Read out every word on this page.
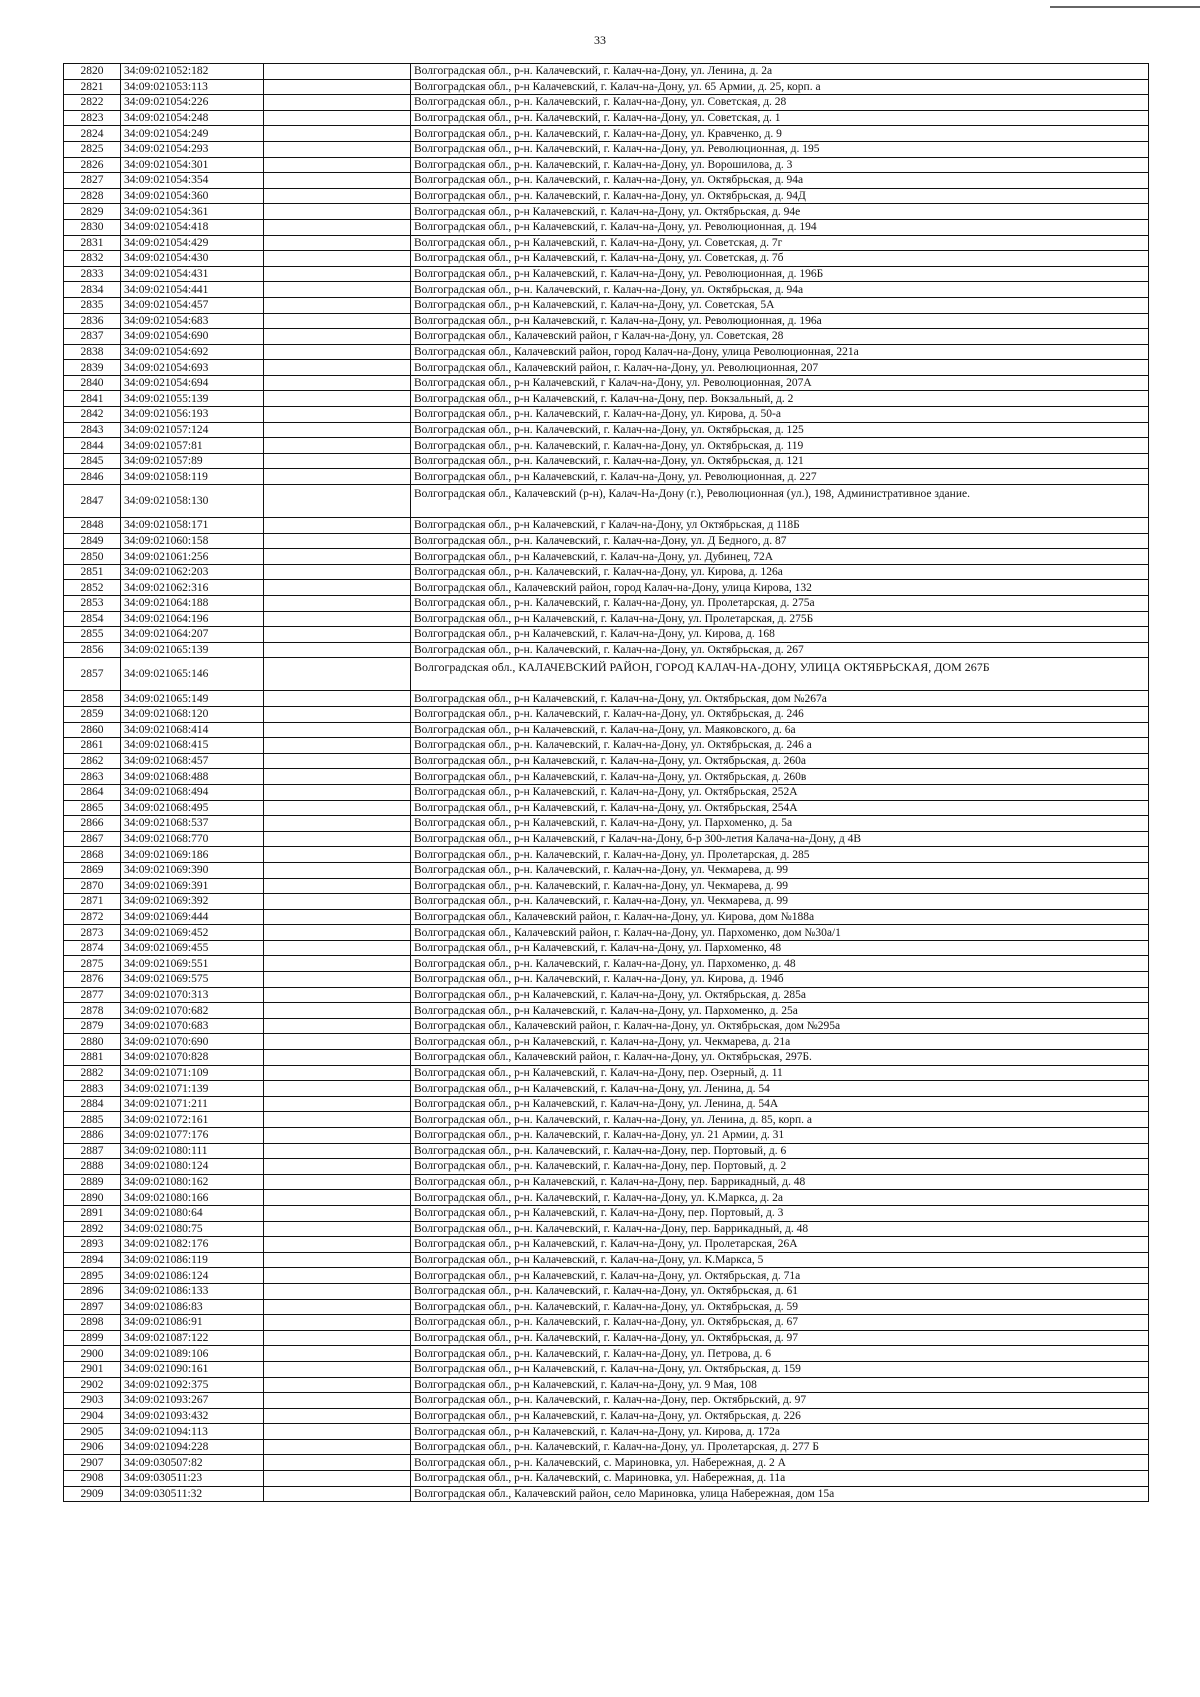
33
2820	34:09:021052:182		Волгоградская обл., р-н. Калачевский, г. Калач-на-Дону, ул. Ленина, д. 2а
2821	34:09:021053:113		Волгоградская обл., р-н Калачевский, г. Калач-на-Дону, ул. 65 Армии, д. 25, корп. а
2822	34:09:021054:226		Волгоградская обл., р-н. Калачевский, г. Калач-на-Дону, ул. Советская, д. 28
2823	34:09:021054:248		Волгоградская обл., р-н. Калачевский, г. Калач-на-Дону, ул. Советская, д. 1
2824	34:09:021054:249		Волгоградская обл., р-н. Калачевский, г. Калач-на-Дону, ул. Кравченко, д. 9
2825	34:09:021054:293		Волгоградская обл., р-н. Калачевский, г. Калач-на-Дону, ул. Революционная, д. 195
2826	34:09:021054:301		Волгоградская обл., р-н. Калачевский, г. Калач-на-Дону, ул. Ворошилова, д. 3
2827	34:09:021054:354		Волгоградская обл., р-н. Калачевский, г. Калач-на-Дону, ул. Октябрьская, д. 94а
2828	34:09:021054:360		Волгоградская обл., р-н. Калачевский, г. Калач-на-Дону, ул. Октябрьская, д. 94Д
2829	34:09:021054:361		Волгоградская обл., р-н Калачевский, г. Калач-на-Дону, ул. Октябрьская, д. 94е
2830	34:09:021054:418		Волгоградская обл., р-н Калачевский, г. Калач-на-Дону, ул. Революционная, д. 194
2831	34:09:021054:429		Волгоградская обл., р-н Калачевский, г. Калач-на-Дону, ул. Советская, д. 7г
2832	34:09:021054:430		Волгоградская обл., р-н Калачевский, г. Калач-на-Дону, ул. Советская, д. 7б
2833	34:09:021054:431		Волгоградская обл., р-н Калачевский, г. Калач-на-Дону, ул. Революционная, д. 196Б
2834	34:09:021054:441		Волгоградская обл., р-н. Калачевский, г. Калач-на-Дону, ул. Октябрьская, д. 94а
2835	34:09:021054:457		Волгоградская обл., р-н Калачевский, г. Калач-на-Дону, ул. Советская, 5А
2836	34:09:021054:683		Волгоградская обл., р-н Калачевский, г. Калач-на-Дону, ул. Революционная, д. 196а
2837	34:09:021054:690		Волгоградская обл., Калачевский район, г Калач-на-Дону, ул. Советская, 28
2838	34:09:021054:692		Волгоградская обл., Калачевский район, город Калач-на-Дону, улица Революционная, 221а
2839	34:09:021054:693		Волгоградская обл., Калачевский район, г. Калач-на-Дону, ул. Революционная, 207
2840	34:09:021054:694		Волгоградская обл., р-н Калачевский, г Калач-на-Дону, ул. Революционная, 207А
2841	34:09:021055:139		Волгоградская обл., р-н Калачевский, г. Калач-на-Дону, пер. Вокзальный, д. 2
2842	34:09:021056:193		Волгоградская обл., р-н. Калачевский, г. Калач-на-Дону, ул. Кирова, д. 50-а
2843	34:09:021057:124		Волгоградская обл., р-н. Калачевский, г. Калач-на-Дону, ул. Октябрьская, д. 125
2844	34:09:021057:81		Волгоградская обл., р-н. Калачевский, г. Калач-на-Дону, ул. Октябрьская, д. 119
2845	34:09:021057:89		Волгоградская обл., р-н. Калачевский, г. Калач-на-Дону, ул. Октябрьская, д. 121
2846	34:09:021058:119		Волгоградская обл., р-н Калачевский, г. Калач-на-Дону, ул. Революционная, д. 227
2847	34:09:021058:130		Волгоградская обл., Калачевский (р-н), Калач-На-Дону (г.), Революционная (ул.), 198, Административное здание.
2848	34:09:021058:171		Волгоградская обл., р-н Калачевский, г Калач-на-Дону, ул Октябрьская, д 118Б
2849	34:09:021060:158		Волгоградская обл., р-н. Калачевский, г. Калач-на-Дону, ул. Д Бедного, д. 87
2850	34:09:021061:256		Волгоградская обл., р-н Калачевский, г. Калач-на-Дону, ул. Дубинец, 72А
2851	34:09:021062:203		Волгоградская обл., р-н. Калачевский, г. Калач-на-Дону, ул. Кирова, д. 126а
2852	34:09:021062:316		Волгоградская обл., Калачевский район, город Калач-на-Дону, улица Кирова, 132
2853	34:09:021064:188		Волгоградская обл., р-н. Калачевский, г. Калач-на-Дону, ул. Пролетарская, д. 275а
2854	34:09:021064:196		Волгоградская обл., р-н Калачевский, г. Калач-на-Дону, ул. Пролетарская, д. 275Б
2855	34:09:021064:207		Волгоградская обл., р-н Калачевский, г. Калач-на-Дону, ул. Кирова, д. 168
2856	34:09:021065:139		Волгоградская обл., р-н. Калачевский, г. Калач-на-Дону, ул. Октябрьская, д. 267
2857	34:09:021065:146		Волгоградская обл., КАЛАЧЕВСКИЙ РАЙОН, ГОРОД КАЛАЧ-НА-ДОНУ, УЛИЦА ОКТЯБРЬСКАЯ, ДОМ 267Б
2858	34:09:021065:149		Волгоградская обл., р-н Калачевский, г. Калач-на-Дону, ул. Октябрьская, дом №267а
2859	34:09:021068:120		Волгоградская обл., р-н. Калачевский, г. Калач-на-Дону, ул. Октябрьская, д. 246
2860	34:09:021068:414		Волгоградская обл., р-н Калачевский, г. Калач-на-Дону, ул. Маяковского, д. 6а
2861	34:09:021068:415		Волгоградская обл., р-н. Калачевский, г. Калач-на-Дону, ул. Октябрьская, д. 246 а
2862	34:09:021068:457		Волгоградская обл., р-н Калачевский, г. Калач-на-Дону, ул. Октябрьская, д. 260а
2863	34:09:021068:488		Волгоградская обл., р-н Калачевский, г. Калач-на-Дону, ул. Октябрьская, д. 260в
2864	34:09:021068:494		Волгоградская обл., р-н Калачевский, г. Калач-на-Дону, ул. Октябрьская, 252А
2865	34:09:021068:495		Волгоградская обл., р-н Калачевский, г. Калач-на-Дону, ул. Октябрьская, 254А
2866	34:09:021068:537		Волгоградская обл., р-н Калачевский, г. Калач-на-Дону, ул. Пархоменко, д. 5а
2867	34:09:021068:770		Волгоградская обл., р-н Калачевский, г Калач-на-Дону, б-р 300-летия Калача-на-Дону, д 4В
2868	34:09:021069:186		Волгоградская обл., р-н. Калачевский, г. Калач-на-Дону, ул. Пролетарская, д. 285
2869	34:09:021069:390		Волгоградская обл., р-н. Калачевский, г. Калач-на-Дону, ул. Чекмарева, д. 99
2870	34:09:021069:391		Волгоградская обл., р-н. Калачевский, г. Калач-на-Дону, ул. Чекмарева, д. 99
2871	34:09:021069:392		Волгоградская обл., р-н. Калачевский, г. Калач-на-Дону, ул. Чекмарева, д. 99
2872	34:09:021069:444		Волгоградская обл., Калачевский район, г. Калач-на-Дону, ул. Кирова, дом №188а
2873	34:09:021069:452		Волгоградская обл., Калачевский район, г. Калач-на-Дону, ул. Пархоменко, дом №30а/1
2874	34:09:021069:455		Волгоградская обл., р-н Калачевский, г. Калач-на-Дону, ул. Пархоменко, 48
2875	34:09:021069:551		Волгоградская обл., р-н. Калачевский, г. Калач-на-Дону, ул. Пархоменко, д. 48
2876	34:09:021069:575		Волгоградская обл., р-н. Калачевский, г. Калач-на-Дону, ул. Кирова, д. 194б
2877	34:09:021070:313		Волгоградская обл., р-н Калачевский, г. Калач-на-Дону, ул. Октябрьская, д. 285а
2878	34:09:021070:682		Волгоградская обл., р-н Калачевский, г. Калач-на-Дону, ул. Пархоменко, д. 25а
2879	34:09:021070:683		Волгоградская обл., Калачевский район, г. Калач-на-Дону, ул. Октябрьская, дом №295а
2880	34:09:021070:690		Волгоградская обл., р-н Калачевский, г. Калач-на-Дону, ул. Чекмарева, д. 21а
2881	34:09:021070:828		Волгоградская обл., Калачевский район, г. Калач-на-Дону, ул. Октябрьская, 297Б.
2882	34:09:021071:109		Волгоградская обл., р-н Калачевский, г. Калач-на-Дону, пер. Озерный, д. 11
2883	34:09:021071:139		Волгоградская обл., р-н Калачевский, г. Калач-на-Дону, ул. Ленина, д. 54
2884	34:09:021071:211		Волгоградская обл., р-н Калачевский, г. Калач-на-Дону, ул. Ленина, д. 54А
2885	34:09:021072:161		Волгоградская обл., р-н. Калачевский, г. Калач-на-Дону, ул. Ленина, д. 85, корп. а
2886	34:09:021077:176		Волгоградская обл., р-н. Калачевский, г. Калач-на-Дону, ул. 21 Армии, д. 31
2887	34:09:021080:111		Волгоградская обл., р-н. Калачевский, г. Калач-на-Дону, пер. Портовый, д. 6
2888	34:09:021080:124		Волгоградская обл., р-н. Калачевский, г. Калач-на-Дону, пер. Портовый, д. 2
2889	34:09:021080:162		Волгоградская обл., р-н Калачевский, г. Калач-на-Дону, пер. Баррикадный, д. 48
2890	34:09:021080:166		Волгоградская обл., р-н. Калачевский, г. Калач-на-Дону, ул. К.Маркса, д. 2а
2891	34:09:021080:64		Волгоградская обл., р-н Калачевский, г. Калач-на-Дону, пер. Портовый, д. 3
2892	34:09:021080:75		Волгоградская обл., р-н. Калачевский, г. Калач-на-Дону, пер. Баррикадный, д. 48
2893	34:09:021082:176		Волгоградская обл., р-н Калачевский, г. Калач-на-Дону, ул. Пролетарская, 26А
2894	34:09:021086:119		Волгоградская обл., р-н Калачевский, г. Калач-на-Дону, ул. К.Маркса, 5
2895	34:09:021086:124		Волгоградская обл., р-н Калачевский, г. Калач-на-Дону, ул. Октябрьская, д. 71а
2896	34:09:021086:133		Волгоградская обл., р-н. Калачевский, г. Калач-на-Дону, ул. Октябрьская, д. 61
2897	34:09:021086:83		Волгоградская обл., р-н. Калачевский, г. Калач-на-Дону, ул. Октябрьская, д. 59
2898	34:09:021086:91		Волгоградская обл., р-н. Калачевский, г. Калач-на-Дону, ул. Октябрьская, д. 67
2899	34:09:021087:122		Волгоградская обл., р-н. Калачевский, г. Калач-на-Дону, ул. Октябрьская, д. 97
2900	34:09:021089:106		Волгоградская обл., р-н. Калачевский, г. Калач-на-Дону, ул. Петрова, д. 6
2901	34:09:021090:161		Волгоградская обл., р-н Калачевский, г. Калач-на-Дону, ул. Октябрьская, д. 159
2902	34:09:021092:375		Волгоградская обл., р-н Калачевский, г. Калач-на-Дону, ул. 9 Мая, 108
2903	34:09:021093:267		Волгоградская обл., р-н. Калачевский, г. Калач-на-Дону, пер. Октябрьский, д. 97
2904	34:09:021093:432		Волгоградская обл., р-н Калачевский, г. Калач-на-Дону, ул. Октябрьская, д. 226
2905	34:09:021094:113		Волгоградская обл., р-н Калачевский, г. Калач-на-Дону, ул. Кирова, д. 172а
2906	34:09:021094:228		Волгоградская обл., р-н. Калачевский, г. Калач-на-Дону, ул. Пролетарская, д. 277 Б
2907	34:09:030507:82		Волгоградская обл., р-н. Калачевский, с. Мариновка, ул. Набережная, д. 2 А
2908	34:09:030511:23		Волгоградская обл., р-н. Калачевский, с. Мариновка, ул. Набережная, д. 11а
2909	34:09:030511:32		Волгоградская обл., Калачевский район, село Мариновка, улица Набережная, дом 15а
